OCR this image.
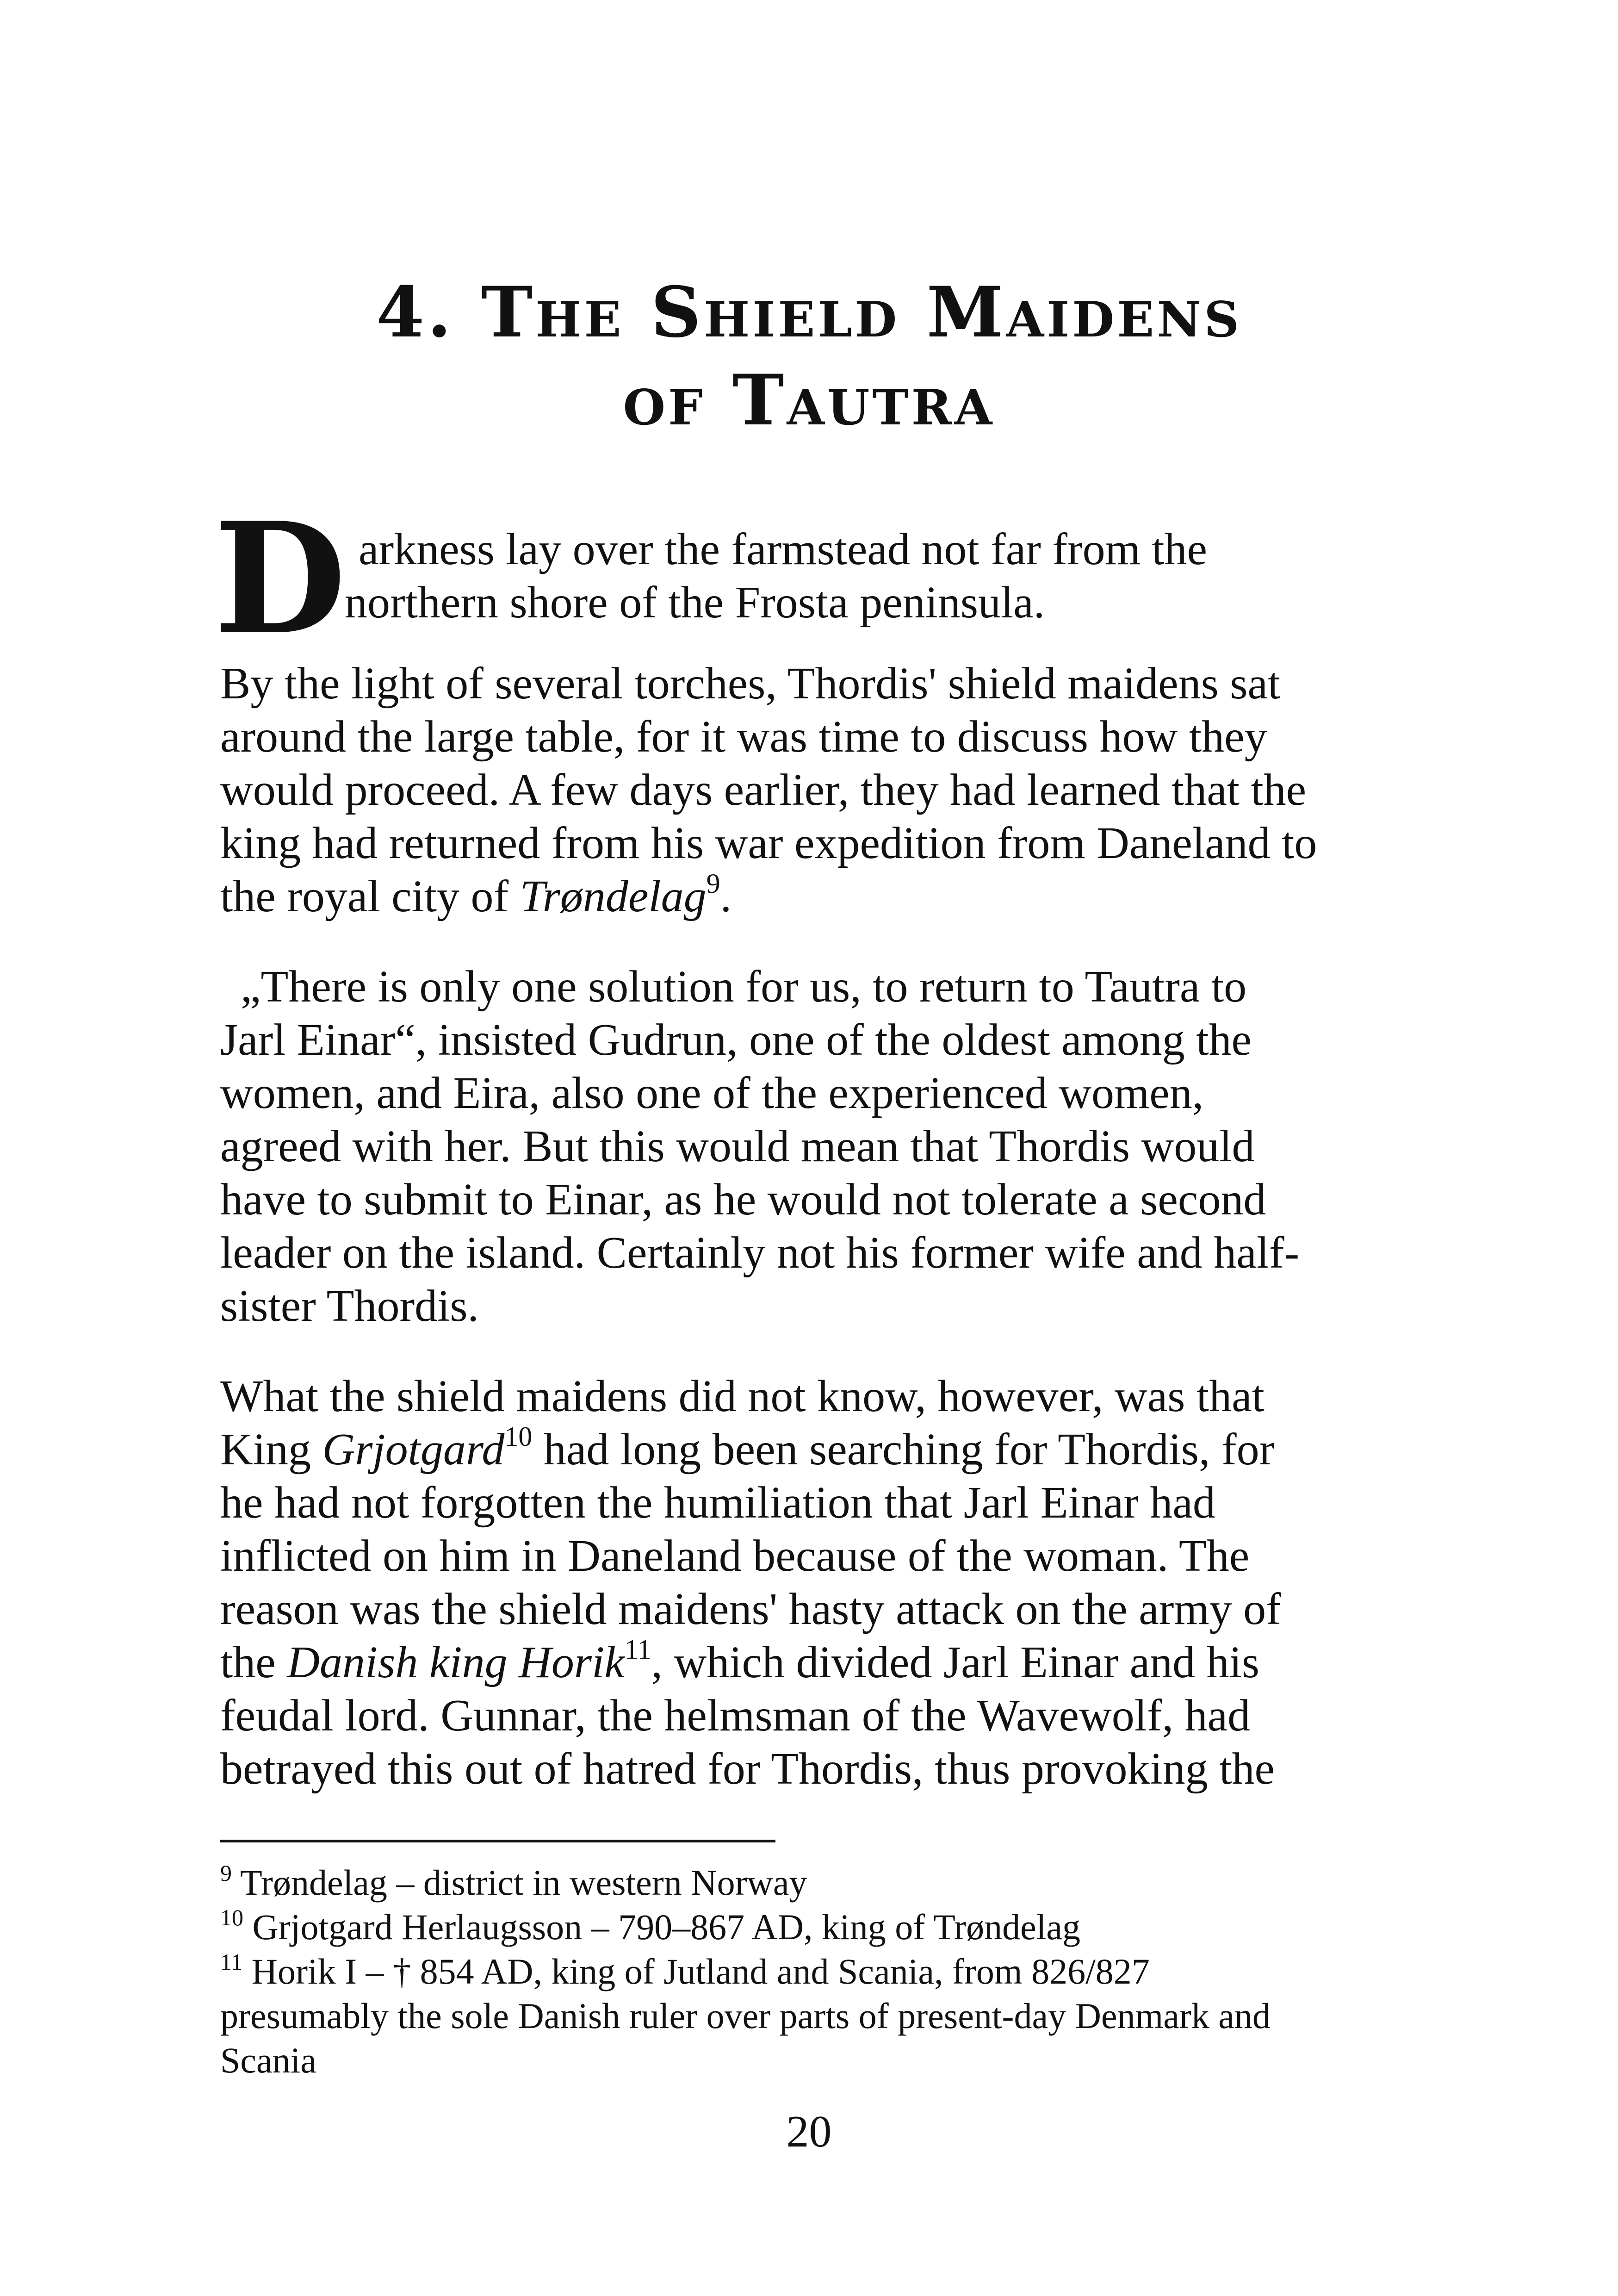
4. The Shield Maidens
of Tautra
D arkness lay over the farmstead not far from the
northern shore of the Frosta peninsula.

By the light of several torches, Thordis' shield maidens sat

around the large table, for it was time to discuss how they

would proceed. A few days earlier, they had learned that the

king had returned from his war expedition from Daneland to

the royal city of Trøndelag$^9$.

„There is only one solution for us, to return to Tautra to

Jarl Einar“, insisted Gudrun, one of the oldest among the

women, and Eira, also one of the experienced women,

agreed with her. But this would mean that Thordis would

have to submit to Einar, as he would not tolerate a second

leader on the island. Certainly not his former wife and half-

sister Thordis.

What the shield maidens did not know, however, was that

King Grjotgard$^{10}$ had long been searching for Thordis, for

he had not forgotten the humiliation that Jarl Einar had

inflicted on him in Daneland because of the woman. The

reason was the shield maidens' hasty attack on the army of

the Danish king Horik$^{11}$, which divided Jarl Einar and his

feudal lord. Gunnar, the helmsman of the Wavewolf, had

betrayed this out of hatred for Thordis, thus provoking the

$^9$ Trøndelag – district in western Norway
$^{10}$ Grjotgard Herlaugsson – 790–867 AD, king of Trøndelag
$^{11}$ Horik I – † 854 AD, king of Jutland and Scania, from 826/827
presumably the sole Danish ruler over parts of present-day Denmark and
Scania
20
